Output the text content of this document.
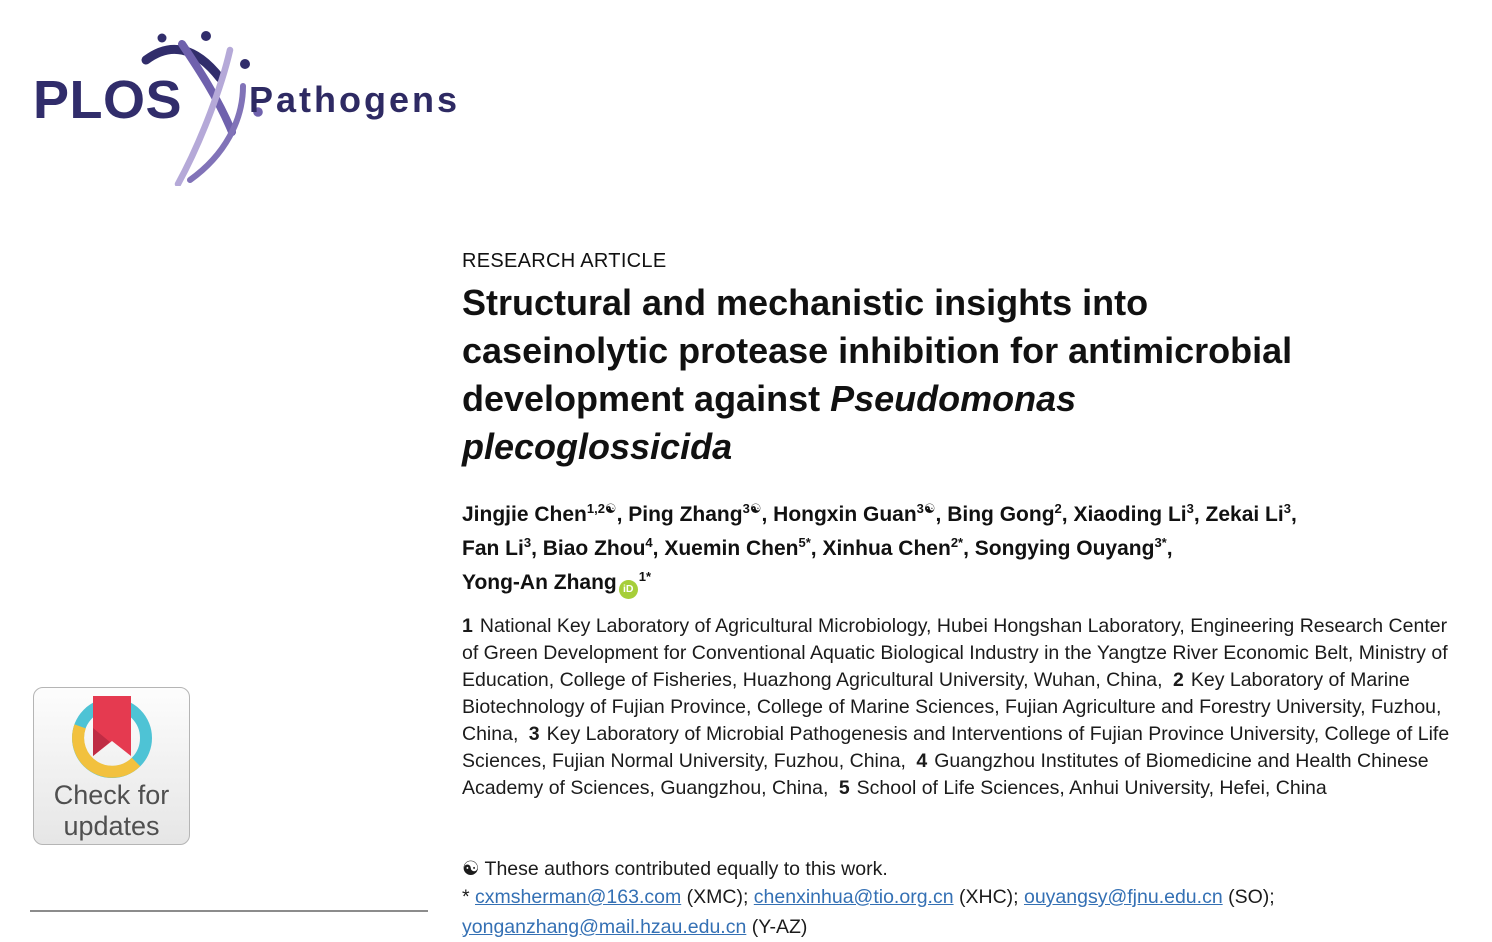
PLOS Pathogens
Check for
updates
RESEARCH ARTICLE
Structural and mechanistic insights into
caseinolytic protease inhibition for antimicrobial
development against Pseudomonas
plecoglossicida
Jingjie Chen$^{1,2☯}$, Ping Zhang$^{3☯}$, Hongxin Guan$^{3☯}$, Bing Gong$^2$, Xiaoding Li$^3$, Zekai Li$^3$,
Fan Li$^3$, Biao Zhou$^4$, Xuemin Chen$^{5*}$, Xinhua Chen$^{2*}$, Songying Ouyang$^{3*}$,
Yong-An Zhang iD
$^{1*}$

1 National Key Laboratory of Agricultural Microbiology, Hubei Hongshan Laboratory, Engineering Research Center of Green Development for Conventional Aquatic Biological Industry in the Yangtze River Economic Belt, Ministry of Education, College of Fisheries, Huazhong Agricultural University, Wuhan, China, 2 Key Laboratory of Marine Biotechnology of Fujian Province, College of Marine Sciences, Fujian Agriculture and Forestry University, Fuzhou, China, 3 Key Laboratory of Microbial Pathogenesis and Interventions of Fujian Province University, College of Life Sciences, Fujian Normal University, Fuzhou, China, 4 Guangzhou Institutes of Biomedicine and Health Chinese Academy of Sciences, Guangzhou, China, 5 School of Life Sciences, Anhui University, Hefei, China

☯ These authors contributed equally to this work.

* cxmsherman@163.com (XMC); chenxinhua@tio.org.cn (XHC); ouyangsy@fjnu.edu.cn (SO); yonganzhang@mail.hzau.edu.cn (Y-AZ)
